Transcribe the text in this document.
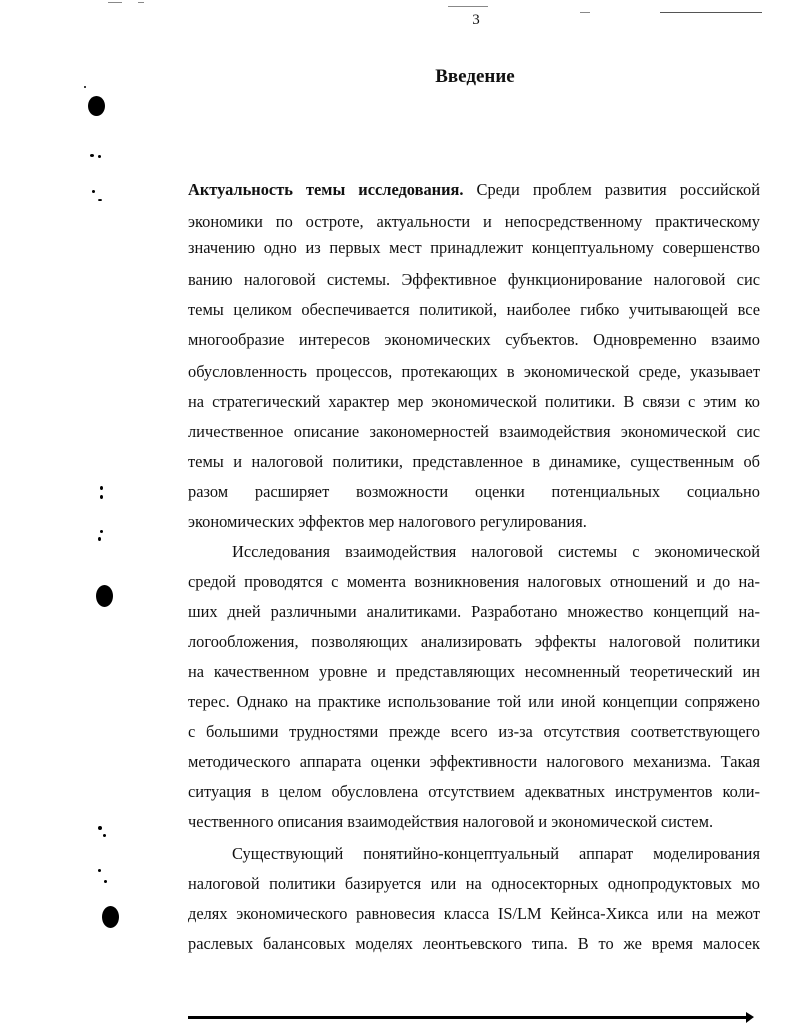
3
Введение
Актуальность темы исследования. Среди проблем развития российской
экономики по остроте, актуальности и непосредственному практическому
значению одно из первых мест принадлежит концептуальному совершенство
ванию налоговой системы. Эффективное функционирование налоговой сис
темы целиком обеспечивается политикой, наиболее гибко учитывающей все
многообразие интересов экономических субъектов. Одновременно взаимо
обусловленность процессов, протекающих в экономической среде, указывает
на стратегический характер мер экономической политики. В связи с этим ко
личественное описание закономерностей взаимодействия экономической сис
темы и налоговой политики, представленное в динамике, существенным об
разом расширяет возможности оценки потенциальных социально
экономических эффектов мер налогового регулирования.
Исследования взаимодействия налоговой системы с экономической
средой проводятся с момента возникновения налоговых отношений и до на-
ших дней различными аналитиками. Разработано множество концепций на-
логообложения, позволяющих анализировать эффекты налоговой политики
на качественном уровне и представляющих несомненный теоретический ин
терес. Однако на практике использование той или иной концепции сопряжено
с большими трудностями прежде всего из-за отсутствия соответствующего
методического аппарата оценки эффективности налогового механизма. Такая
ситуация в целом обусловлена отсутствием адекватных инструментов коли-
чественного описания взаимодействия налоговой и экономической систем.
Существующий понятийно-концептуальный аппарат моделирования
налоговой политики базируется или на односекторных однопродуктовых мо
делях экономического равновесия класса IS/LM Кейнса-Хикса или на межот
раслевых балансовых моделях леонтьевского типа. В то же время малосек
